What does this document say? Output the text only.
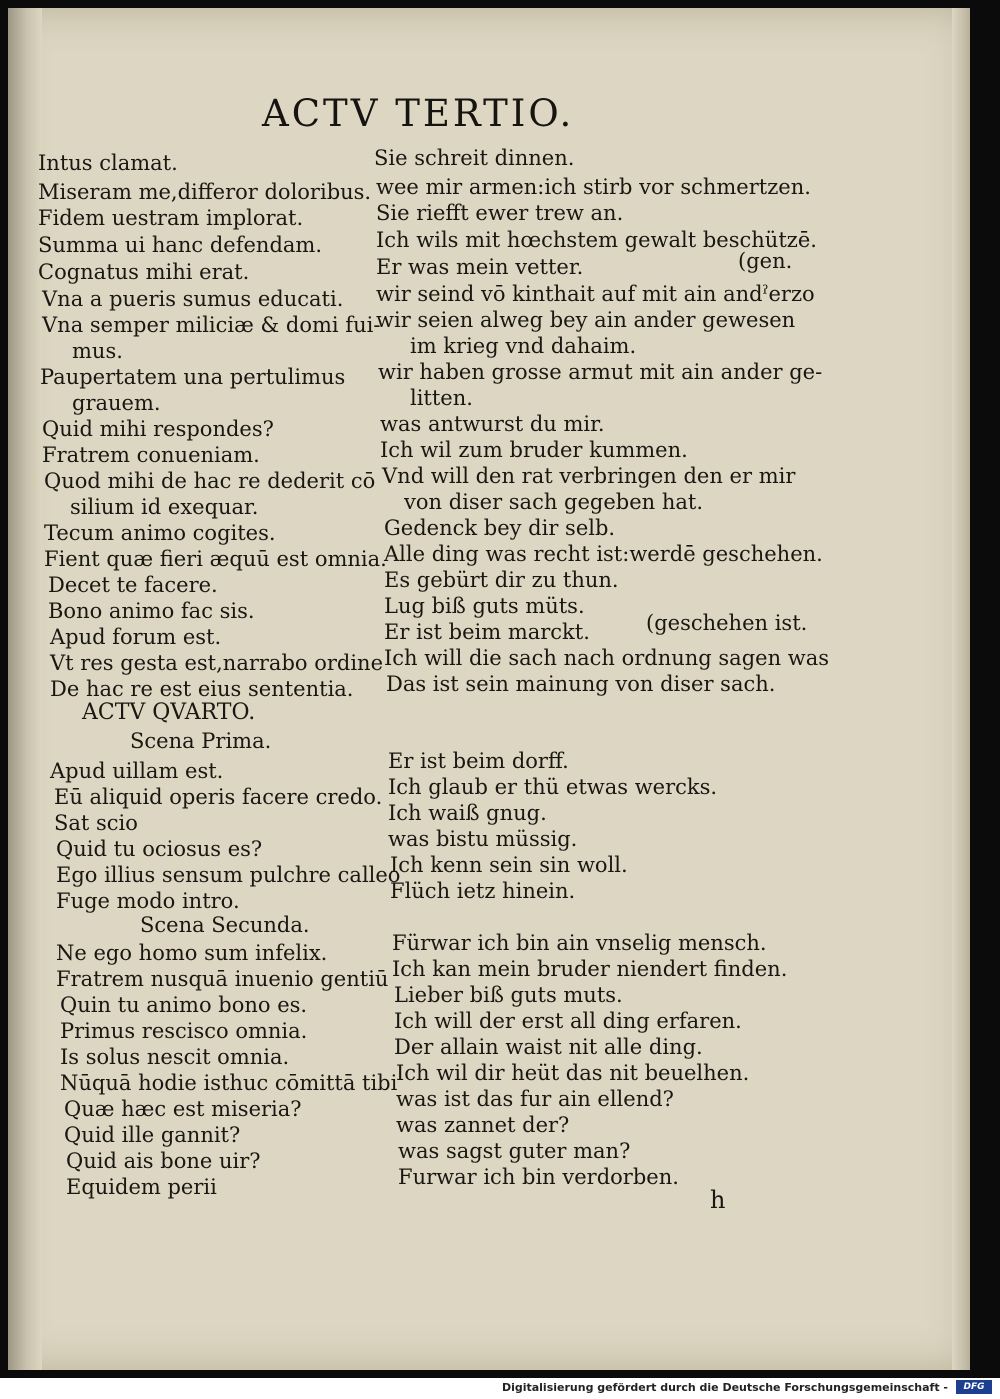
ACTV TERTIO.
Intus clamat.
Miseram me,differor doloribus.
Fidem uestram implorat.
Summa ui hanc defendam.
Cognatus mihi erat.
Vna a pueris sumus educati.
Vna semper miliciæ & domi fui-
mus.
Paupertatem una pertulimus
grauem.
Quid mihi respondes?
Fratrem conueniam.
Quod mihi de hac re dederit cō
silium id exequar.
Tecum animo cogites.
Fient quæ fieri æquū est omnia.
Decet te facere.
Bono animo fac sis.
Apud forum est.
Vt res gesta est,narrabo ordine
De hac re est eius sententia.
Sie schreit dinnen.
wee mir armen:ich stirb vor schmertzen.
Sie riefft ewer trew an.
Ich wils mit hœchstem gewalt beschützē.
Er was mein vetter.
wir seind vō kinthait auf mit ain andˀerzo
wir seien alweg bey ain ander gewesen
im krieg vnd dahaim.
wir haben grosse armut mit ain ander ge-
litten.
was antwurst du mir.
Ich wil zum bruder kummen.
Vnd will den rat verbringen den er mir
von diser sach gegeben hat.
Gedenck bey dir selb.
Alle ding was recht ist:werdē geschehen.
Es gebürt dir zu thun.
Lug biß guts müts.
Er ist beim marckt.
Ich will die sach nach ordnung sagen was
Das ist sein mainung von diser sach.
(gen.
(geschehen ist.
ACTV QVARTO.
Scena Prima.
Apud uillam est.
Eū aliquid operis facere credo.
Sat scio
Quid tu ociosus es?
Ego illius sensum pulchre calleo
Fuge modo intro.
Er ist beim dorff.
Ich glaub er thü etwas wercks.
Ich waiß gnug.
was bistu müssig.
Ich kenn sein sin woll.
Flüch ietz hinein.
Scena Secunda.
Ne ego homo sum infelix.
Fratrem nusquā inuenio gentiū
Quin tu animo bono es.
Primus rescisco omnia.
Is solus nescit omnia.
Nūquā hodie isthuc cōmittā tibi
Quæ hæc est miseria?
Quid ille gannit?
Quid ais bone uir?
Equidem perii
Fürwar ich bin ain vnselig mensch.
Ich kan mein bruder niendert finden.
Lieber biß guts muts.
Ich will der erst all ding erfaren.
Der allain waist nit alle ding.
Ich wil dir heüt das nit beuelhen.
was ist das fur ain ellend?
was zannet der?
was sagst guter man?
Furwar ich bin verdorben.
h
Digitalisierung gefördert durch die Deutsche Forschungsgemeinschaft -	DFG
